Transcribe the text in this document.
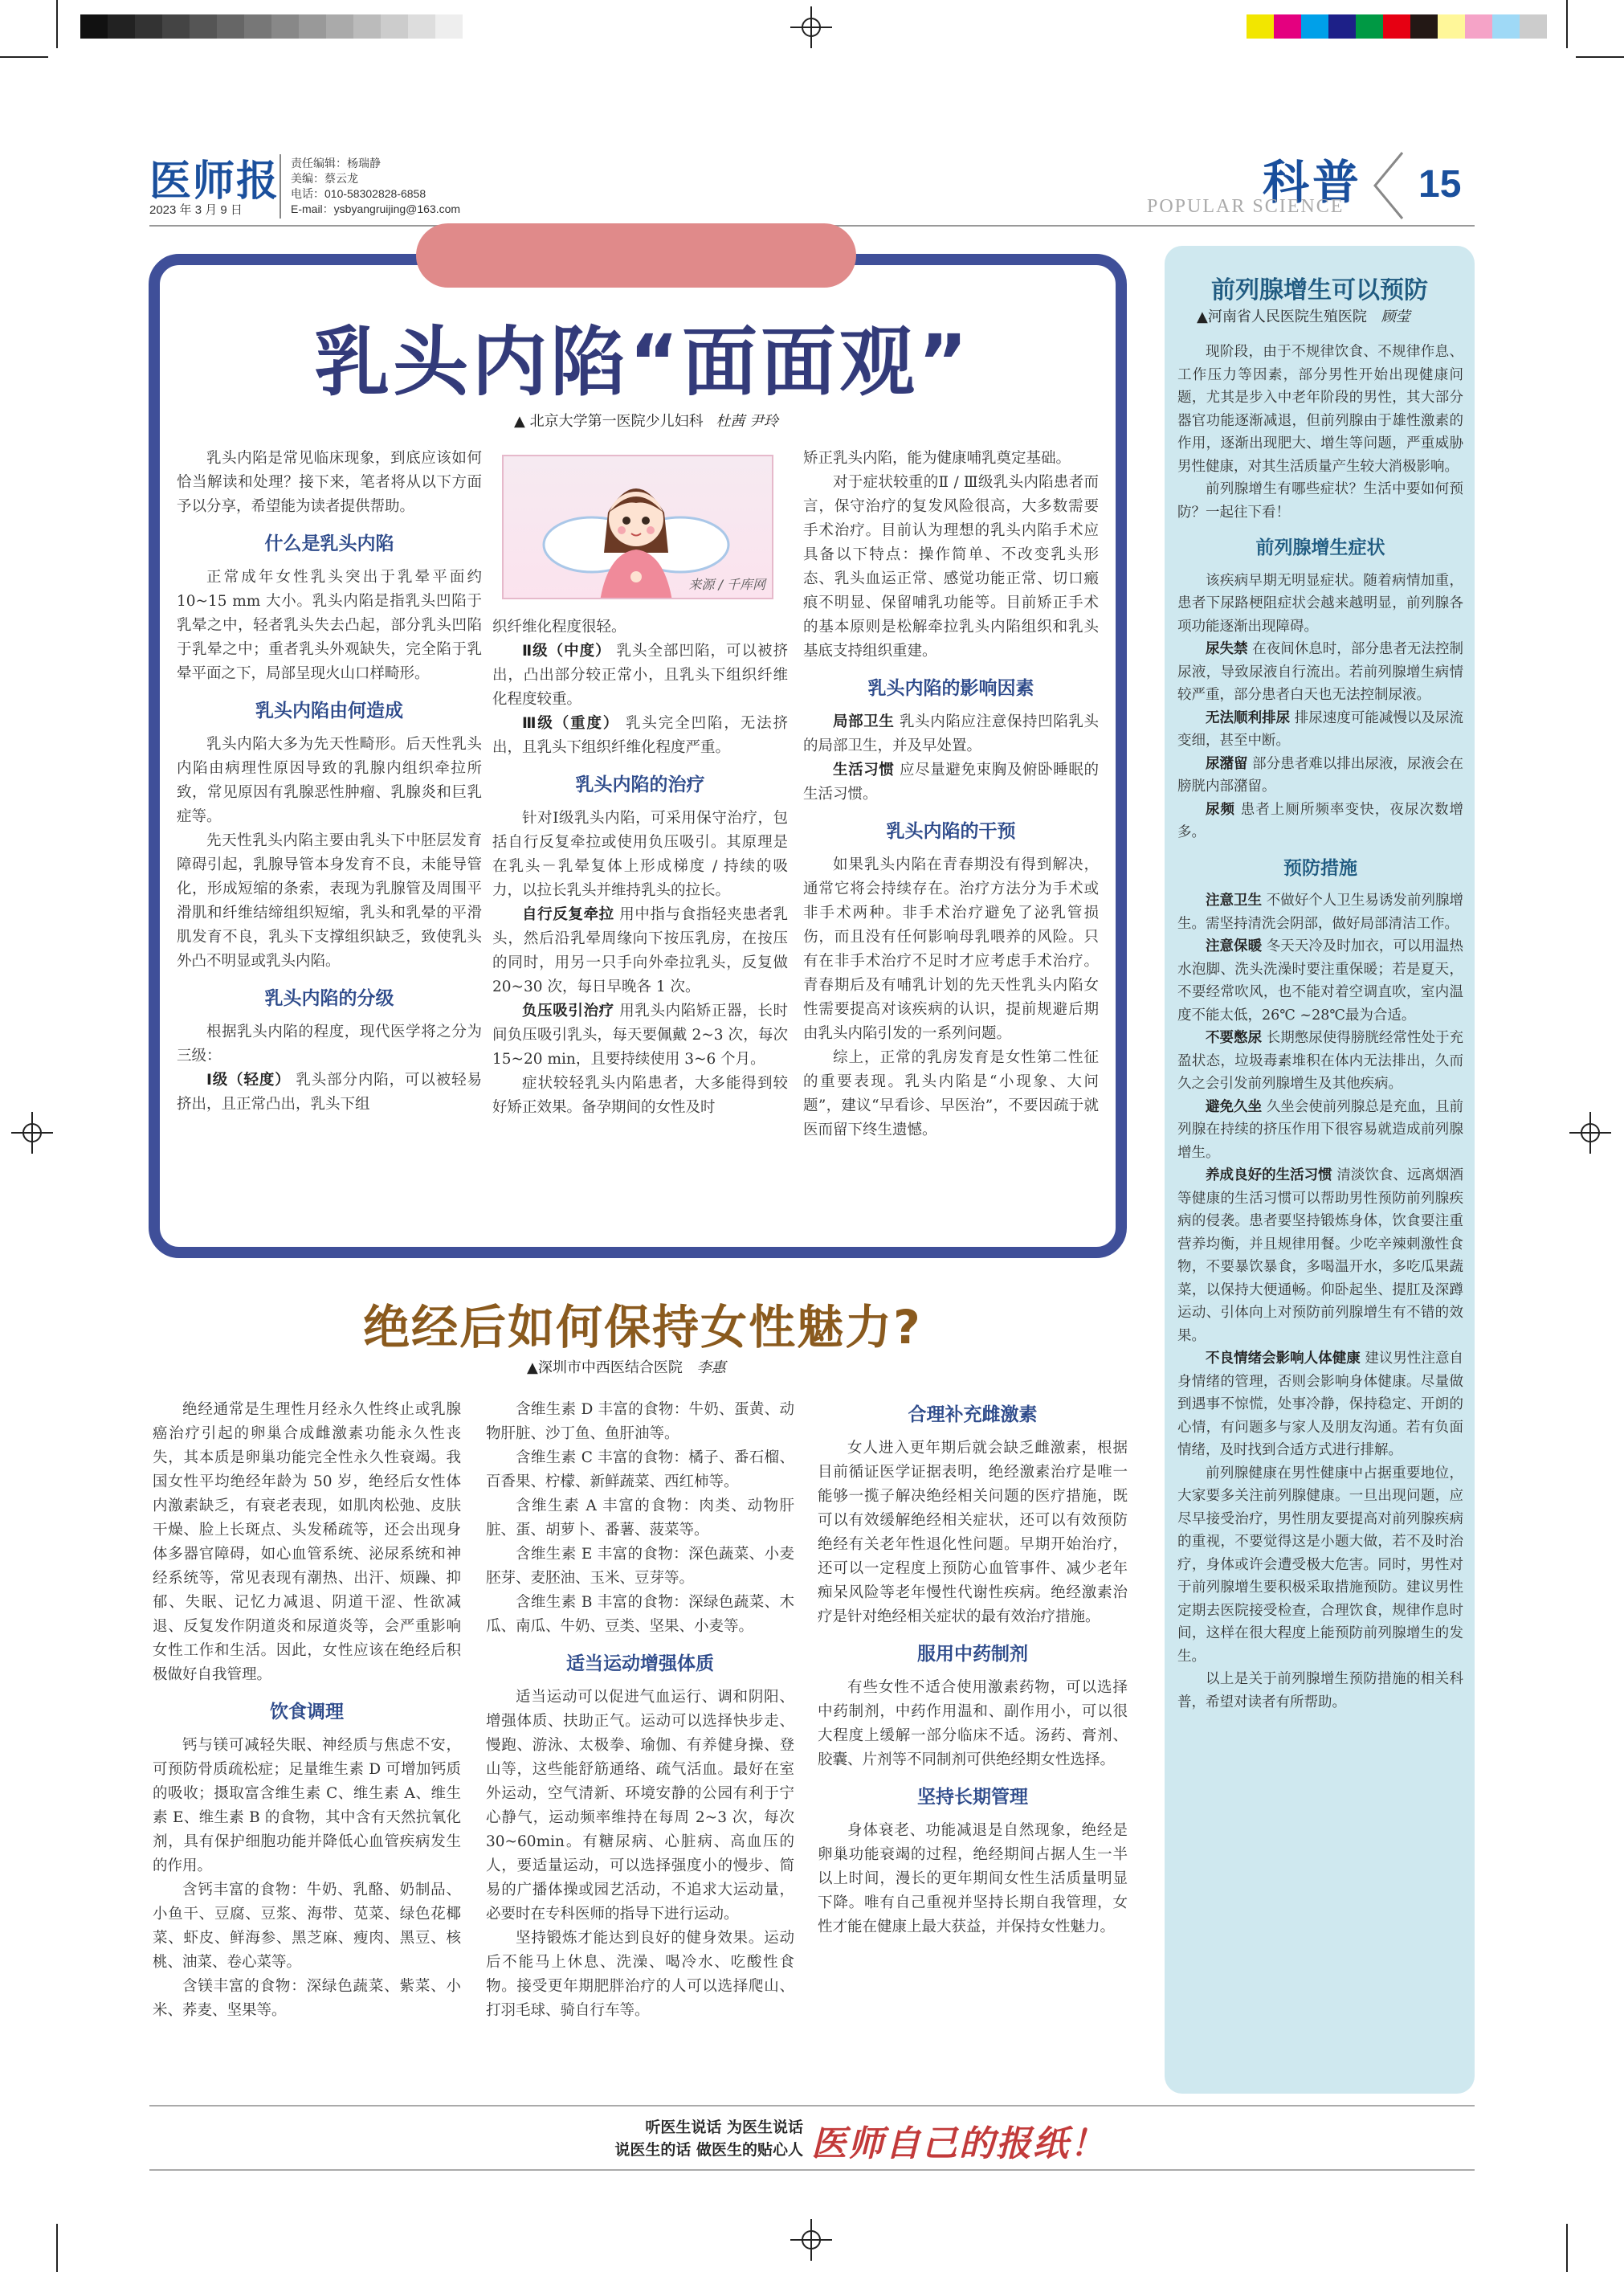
医师报
2023 年 3 月 9 日
责任编辑：杨瑞静
美编：蔡云龙
电话：010-58302828-6858
E-mail：ysbyangruijing@163.com	科普
POPULAR SCIENCE
15
乳头内陷“面面观”
▲ 北京大学第一医院少儿妇科 杜茜 尹玲
来源 / 千库网

乳头内陷是常见临床现象，到底应该如何恰当解读和处理？接下来，笔者将从以下方面予以分享，希望能为读者提供帮助。

什么是乳头内陷

正常成年女性乳头突出于乳晕平面约 10~15 mm 大小。乳头内陷是指乳头凹陷于乳晕之中，轻者乳头失去凸起，部分乳头凹陷于乳晕之中；重者乳头外观缺失，完全陷于乳晕平面之下，局部呈现火山口样畸形。

乳头内陷由何造成

乳头内陷大多为先天性畸形。后天性乳头内陷由病理性原因导致的乳腺内组织牵拉所致，常见原因有乳腺恶性肿瘤、乳腺炎和巨乳症等。

先天性乳头内陷主要由乳头下中胚层发育障碍引起，乳腺导管本身发育不良，未能导管化，形成短缩的条索，表现为乳腺管及周围平滑肌和纤维结缔组织短缩，乳头和乳晕的平滑肌发育不良，乳头下支撑组织缺乏，致使乳头外凸不明显或乳头内陷。

乳头内陷的分级

根据乳头内陷的程度，现代医学将之分为三级：

Ⅰ级（轻度） 乳头部分内陷，可以被轻易挤出，且正常凸出，乳头下组

织纤维化程度很轻。

Ⅱ级（中度） 乳头全部凹陷，可以被挤出，凸出部分较正常小，且乳头下组织纤维化程度较重。

Ⅲ级（重度） 乳头完全凹陷，无法挤出，且乳头下组织纤维化程度严重。

乳头内陷的治疗

针对Ⅰ级乳头内陷，可采用保守治疗，包括自行反复牵拉或使用负压吸引。其原理是在乳头－乳晕复体上形成梯度 / 持续的吸力，以拉长乳头并维持乳头的拉长。

自行反复牵拉 用中指与食指轻夹患者乳头，然后沿乳晕周缘向下按压乳房，在按压的同时，用另一只手向外牵拉乳头，反复做 20~30 次，每日早晚各 1 次。

负压吸引治疗 用乳头内陷矫正器，长时间负压吸引乳头，每天要佩戴 2~3 次，每次 15~20 min，且要持续使用 3~6 个月。

症状较轻乳头内陷患者，大多能得到较好矫正效果。备孕期间的女性及时

矫正乳头内陷，能为健康哺乳奠定基础。

对于症状较重的Ⅱ / Ⅲ级乳头内陷患者而言，保守治疗的复发风险很高，大多数需要手术治疗。目前认为理想的乳头内陷手术应具备以下特点：操作简单、不改变乳头形态、乳头血运正常、感觉功能正常、切口瘢痕不明显、保留哺乳功能等。目前矫正手术的基本原则是松解牵拉乳头内陷组织和乳头基底支持组织重建。

乳头内陷的影响因素

局部卫生 乳头内陷应注意保持凹陷乳头的局部卫生，并及早处置。

生活习惯 应尽量避免束胸及俯卧睡眠的生活习惯。

乳头内陷的干预

如果乳头内陷在青春期没有得到解决，通常它将会持续存在。治疗方法分为手术或非手术两种。非手术治疗避免了泌乳管损伤，而且没有任何影响母乳喂养的风险。只有在非手术治疗不足时才应考虑手术治疗。青春期后及有哺乳计划的先天性乳头内陷女性需要提高对该疾病的认识，提前规避后期由乳头内陷引发的一系列问题。

综上，正常的乳房发育是女性第二性征的重要表现。乳头内陷是“小现象、大问题”，建议“早看诊、早医治”，不要因疏于就医而留下终生遗憾。

绝经后如何保持女性魅力?
▲深圳市中西医结合医院 李惠

绝经通常是生理性月经永久性终止或乳腺癌治疗引起的卵巢合成雌激素功能永久性丧失，其本质是卵巢功能完全性永久性衰竭。我国女性平均绝经年龄为 50 岁，绝经后女性体内激素缺乏，有衰老表现，如肌肉松弛、皮肤干燥、脸上长斑点、头发稀疏等，还会出现身体多器官障碍，如心血管系统、泌尿系统和神经系统等，常见表现有潮热、出汗、烦躁、抑郁、失眠、记忆力减退、阴道干涩、性欲减退、反复发作阴道炎和尿道炎等，会严重影响女性工作和生活。因此，女性应该在绝经后积极做好自我管理。

饮食调理

钙与镁可减轻失眠、神经质与焦虑不安，可预防骨质疏松症；足量维生素 D 可增加钙质的吸收；摄取富含维生素 C、维生素 A、维生素 E、维生素 B 的食物，其中含有天然抗氧化剂，具有保护细胞功能并降低心血管疾病发生的作用。

含钙丰富的食物：牛奶、乳酪、奶制品、小鱼干、豆腐、豆浆、海带、苋菜、绿色花椰菜、虾皮、鲜海参、黑芝麻、瘦肉、黑豆、核桃、油菜、卷心菜等。

含镁丰富的食物：深绿色蔬菜、紫菜、小米、荞麦、坚果等。

含维生素 D 丰富的食物：牛奶、蛋黄、动物肝脏、沙丁鱼、鱼肝油等。

含维生素 C 丰富的食物：橘子、番石榴、百香果、柠檬、新鲜蔬菜、西红柿等。

含维生素 A 丰富的食物：肉类、动物肝脏、蛋、胡萝卜、番薯、菠菜等。

含维生素 E 丰富的食物：深色蔬菜、小麦胚芽、麦胚油、玉米、豆芽等。

含维生素 B 丰富的食物：深绿色蔬菜、木瓜、南瓜、牛奶、豆类、坚果、小麦等。

适当运动增强体质

适当运动可以促进气血运行、调和阴阳、增强体质、扶助正气。运动可以选择快步走、慢跑、游泳、太极拳、瑜伽、有养健身操、登山等，这些能舒筋通络、疏气活血。最好在室外运动，空气清新、环境安静的公园有利于宁心静气，运动频率维持在每周 2~3 次，每次 30~60min。有糖尿病、心脏病、高血压的人，要适量运动，可以选择强度小的慢步、简易的广播体操或园艺活动，不追求大运动量，必要时在专科医师的指导下进行运动。

坚持锻炼才能达到良好的健身效果。运动后不能马上休息、洗澡、喝冷水、吃酸性食物。接受更年期肥胖治疗的人可以选择爬山、打羽毛球、骑自行车等。

合理补充雌激素

女人进入更年期后就会缺乏雌激素，根据目前循证医学证据表明，绝经激素治疗是唯一能够一揽子解决绝经相关问题的医疗措施，既可以有效缓解绝经相关症状，还可以有效预防绝经有关老年性退化性问题。早期开始治疗，还可以一定程度上预防心血管事件、减少老年痴呆风险等老年慢性代谢性疾病。绝经激素治疗是针对绝经相关症状的最有效治疗措施。

服用中药制剂

有些女性不适合使用激素药物，可以选择中药制剂，中药作用温和、副作用小，可以很大程度上缓解一部分临床不适。汤药、膏剂、胶囊、片剂等不同制剂可供绝经期女性选择。

坚持长期管理

身体衰老、功能减退是自然现象，绝经是卵巢功能衰竭的过程，绝经期间占据人生一半以上时间，漫长的更年期间女性生活质量明显下降。唯有自己重视并坚持长期自我管理，女性才能在健康上最大获益，并保持女性魅力。

前列腺增生可以预防
▲河南省人民医院生殖医院 顾莹

现阶段，由于不规律饮食、不规律作息、工作压力等因素，部分男性开始出现健康问题，尤其是步入中老年阶段的男性，其大部分器官功能逐渐减退，但前列腺由于雄性激素的作用，逐渐出现肥大、增生等问题，严重威胁男性健康，对其生活质量产生较大消极影响。

前列腺增生有哪些症状？生活中要如何预防？一起往下看！

前列腺增生症状

该疾病早期无明显症状。随着病情加重，患者下尿路梗阻症状会越来越明显，前列腺各项功能逐渐出现障碍。

尿失禁 在夜间休息时，部分患者无法控制尿液，导致尿液自行流出。若前列腺增生病情较严重，部分患者白天也无法控制尿液。

无法顺利排尿 排尿速度可能减慢以及尿流变细，甚至中断。

尿潴留 部分患者难以排出尿液，尿液会在膀胱内部潴留。

尿频 患者上厕所频率变快，夜尿次数增多。

预防措施

注意卫生 不做好个人卫生易诱发前列腺增生。需坚持清洗会阴部，做好局部清洁工作。

注意保暖 冬天天冷及时加衣，可以用温热水泡脚、洗头洗澡时要注重保暖；若是夏天，不要经常吹风，也不能对着空调直吹，室内温度不能太低，26℃ ~28℃最为合适。

不要憋尿 长期憋尿使得膀胱经常性处于充盈状态，垃圾毒素堆积在体内无法排出，久而久之会引发前列腺增生及其他疾病。

避免久坐 久坐会使前列腺总是充血，且前列腺在持续的挤压作用下很容易就造成前列腺增生。

养成良好的生活习惯 清淡饮食、远离烟酒等健康的生活习惯可以帮助男性预防前列腺疾病的侵袭。患者要坚持锻炼身体，饮食要注重营养均衡，并且规律用餐。少吃辛辣刺激性食物，不要暴饮暴食，多喝温开水，多吃瓜果蔬菜，以保持大便通畅。仰卧起坐、提肛及深蹲运动、引体向上对预防前列腺增生有不错的效果。

不良情绪会影响人体健康 建议男性注意自身情绪的管理，否则会影响身体健康。尽量做到遇事不惊慌，处事冷静，保持稳定、开朗的心情，有问题多与家人及朋友沟通。若有负面情绪，及时找到合适方式进行排解。

前列腺健康在男性健康中占据重要地位，大家要多关注前列腺健康。一旦出现问题，应尽早接受治疗，男性朋友要提高对前列腺疾病的重视，不要觉得这是小题大做，若不及时治疗，身体或许会遭受极大危害。同时，男性对于前列腺增生要积极采取措施预防。建议男性定期去医院接受检查，合理饮食，规律作息时间，这样在很大程度上能预防前列腺增生的发生。

以上是关于前列腺增生预防措施的相关科普，希望对读者有所帮助。

听医生说话 为医生说话
说医生的话 做医生的贴心人 医师自己的报纸！
